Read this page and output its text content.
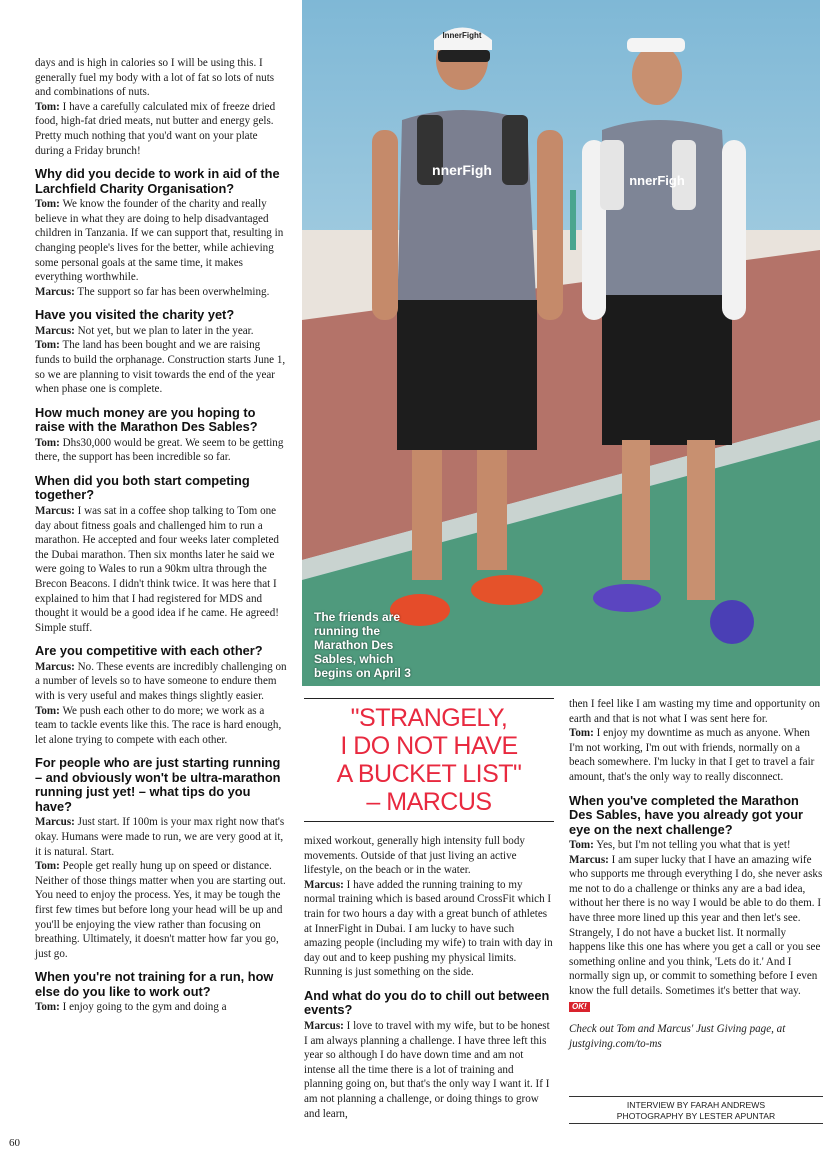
days and is high in calories so I will be using this. I generally fuel my body with a lot of fat so lots of nuts and combinations of nuts.
Tom: I have a carefully calculated mix of freeze dried food, high-fat dried meats, nut butter and energy gels. Pretty much nothing that you'd want on your plate during a Friday brunch!

Why did you decide to work in aid of the Larchfield Charity Organisation?

Tom: We know the founder of the charity and really believe in what they are doing to help disadvantaged children in Tanzania. If we can support that, resulting in changing people's lives for the better, while achieving some personal goals at the same time, it makes everything worthwhile.
Marcus: The support so far has been overwhelming.

Have you visited the charity yet?

Marcus: Not yet, but we plan to later in the year.
Tom: The land has been bought and we are raising funds to build the orphanage. Construction starts June 1, so we are planning to visit towards the end of the year when phase one is complete.

How much money are you hoping to raise with the Marathon Des Sables?

Tom: Dhs30,000 would be great. We seem to be getting there, the support has been incredible so far.

When did you both start competing together?

Marcus: I was sat in a coffee shop talking to Tom one day about fitness goals and challenged him to run a marathon. He accepted and four weeks later completed the Dubai marathon. Then six months later he said we were going to Wales to run a 90km ultra through the Brecon Beacons. I didn't think twice. It was here that I explained to him that I had registered for MDS and thought it would be a good idea if he came. He agreed! Simple stuff.

Are you competitive with each other?

Marcus: No. These events are incredibly challenging on a number of levels so to have someone to endure them with is very useful and makes things slightly easier.
Tom: We push each other to do more; we work as a team to tackle events like this. The race is hard enough, let alone trying to compete with each other.

For people who are just starting running – and obviously won't be ultra-marathon running just yet! – what tips do you have?

Marcus: Just start. If 100m is your max right now that's okay. Humans were made to run, we are very good at it, it is natural. Start.
Tom: People get really hung up on speed or distance. Neither of those things matter when you are starting out. You need to enjoy the process. Yes, it may be tough the first few times but before long your head will be up and you'll be enjoying the view rather than focusing on breathing. Ultimately, it doesn't matter how far you go, just go.

When you're not training for a run, how else do you like to work out?

Tom: I enjoy going to the gym and doing a

InnerFight
nnerFigh
nnerFigh
The friends are running the Marathon Des Sables, which begins on April 3
"STRANGELY,
I DO NOT HAVE
A BUCKET LIST"
– MARCUS

mixed workout, generally high intensity full body movements. Outside of that just living an active lifestyle, on the beach or in the water.
Marcus: I have added the running training to my normal training which is based around CrossFit which I train for two hours a day with a great bunch of athletes at InnerFight in Dubai. I am lucky to have such amazing people (including my wife) to train with day in day out and to keep pushing my physical limits. Running is just something on the side.

And what do you do to chill out between events?

Marcus: I love to travel with my wife, but to be honest I am always planning a challenge. I have three left this year so although I do have down time and am not intense all the time there is a lot of training and planning going on, but that's the only way I want it. If I am not planning a challenge, or doing things to grow and learn,

then I feel like I am wasting my time and opportunity on earth and that is not what I was sent here for.
Tom: I enjoy my downtime as much as anyone. When I'm not working, I'm out with friends, normally on a beach somewhere. I'm lucky in that I get to travel a fair amount, that's the only way to really disconnect.

When you've completed the Marathon Des Sables, have you already got your eye on the next challenge?

Tom: Yes, but I'm not telling you what that is yet!
Marcus: I am super lucky that I have an amazing wife who supports me through everything I do, she never asks me not to do a challenge or thinks any are a bad idea, without her there is no way I would be able to do them. I have three more lined up this year and then let's see. Strangely, I do not have a bucket list. It normally happens like this one has where you get a call or you see something online and you think, 'Lets do it.' And I normally sign up, or commit to something before I even know the full details. Sometimes it's better that way. OK!

Check out Tom and Marcus' Just Giving page, at justgiving.com/to-ms

INTERVIEW BY FARAH ANDREWS
PHOTOGRAPHY BY LESTER APUNTAR
60
